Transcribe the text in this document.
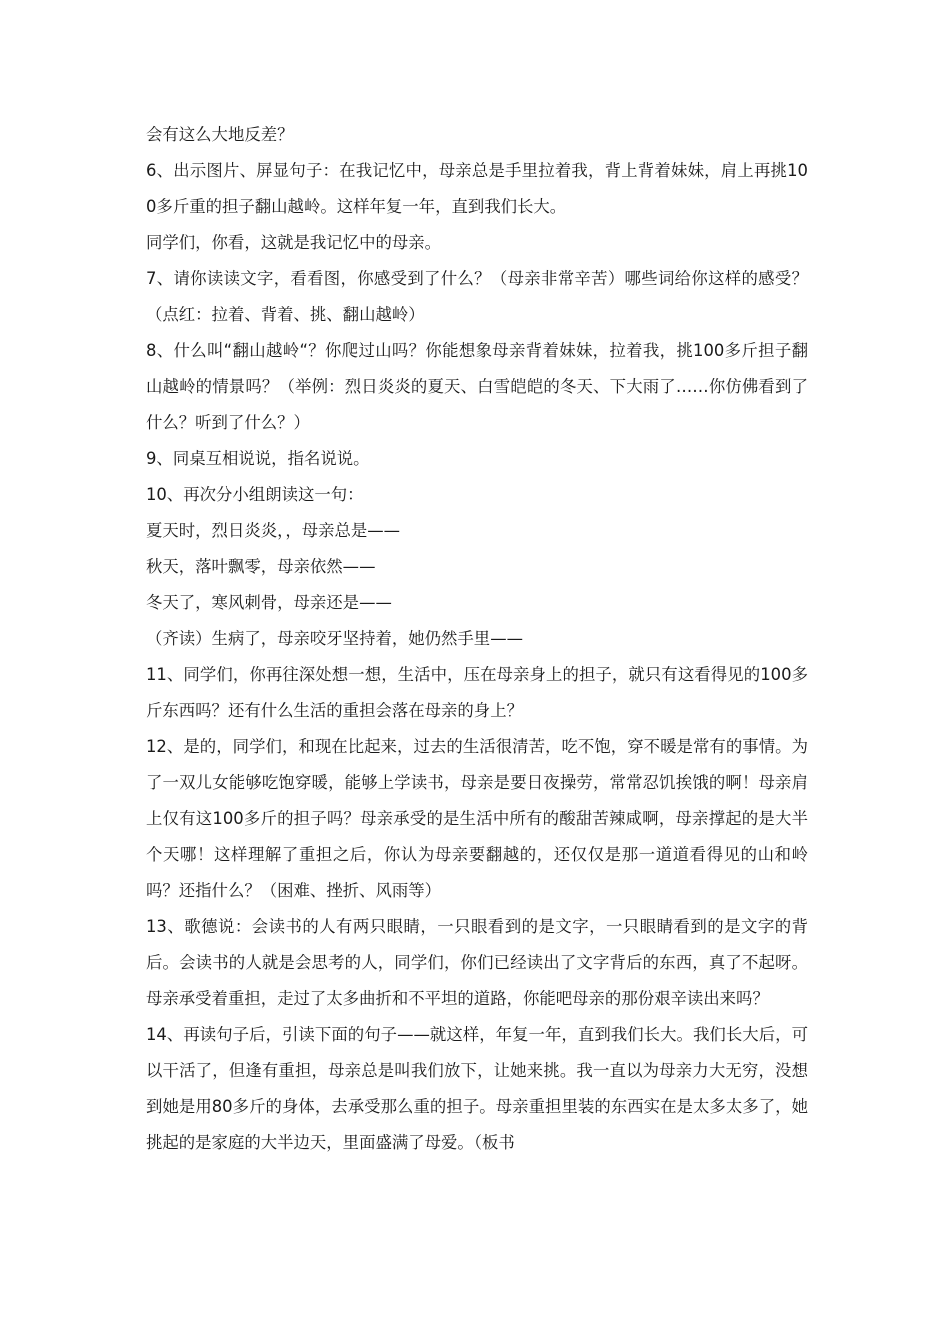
会有这么大地反差？

6、出示图片、屏显句子：在我记忆中，母亲总是手里拉着我，背上背着妹妹，肩上再挑100多斤重的担子翻山越岭。这样年复一年，直到我们长大。

同学们，你看，这就是我记忆中的母亲。

7、请你读读文字，看看图，你感受到了什么？（母亲非常辛苦）哪些词给你这样的感受？（点红：拉着、背着、挑、翻山越岭）

8、什么叫“翻山越岭“？你爬过山吗？你能想象母亲背着妹妹，拉着我，挑100多斤担子翻山越岭的情景吗？（举例：烈日炎炎的夏天、白雪皑皑的冬天、下大雨了……你仿佛看到了什么？听到了什么？）

9、同桌互相说说，指名说说。

10、再次分小组朗读这一句：

夏天时，烈日炎炎，，母亲总是——

秋天，落叶飘零，母亲依然——

冬天了，寒风刺骨，母亲还是——

（齐读）生病了，母亲咬牙坚持着，她仍然手里——

11、同学们，你再往深处想一想，生活中，压在母亲身上的担子，就只有这看得见的100多斤东西吗？还有什么生活的重担会落在母亲的身上？

12、是的，同学们，和现在比起来，过去的生活很清苦，吃不饱，穿不暖是常有的事情。为了一双儿女能够吃饱穿暖，能够上学读书，母亲是要日夜操劳，常常忍饥挨饿的啊！母亲肩上仅有这100多斤的担子吗？母亲承受的是生活中所有的酸甜苦辣咸啊，母亲撑起的是大半个天哪！这样理解了重担之后，你认为母亲要翻越的，还仅仅是那一道道看得见的山和岭吗？还指什么？（困难、挫折、风雨等）

13、歌德说：会读书的人有两只眼睛，一只眼看到的是文字，一只眼睛看到的是文字的背后。会读书的人就是会思考的人，同学们，你们已经读出了文字背后的东西，真了不起呀。母亲承受着重担，走过了太多曲折和不平坦的道路，你能吧母亲的那份艰辛读出来吗？

14、再读句子后，引读下面的句子——就这样，年复一年，直到我们长大。我们长大后，可以干活了，但逢有重担，母亲总是叫我们放下，让她来挑。我一直以为母亲力大无穷，没想到她是用80多斤的身体，去承受那么重的担子。母亲重担里装的东西实在是太多太多了，她挑起的是家庭的大半边天，里面盛满了母爱。（板书
